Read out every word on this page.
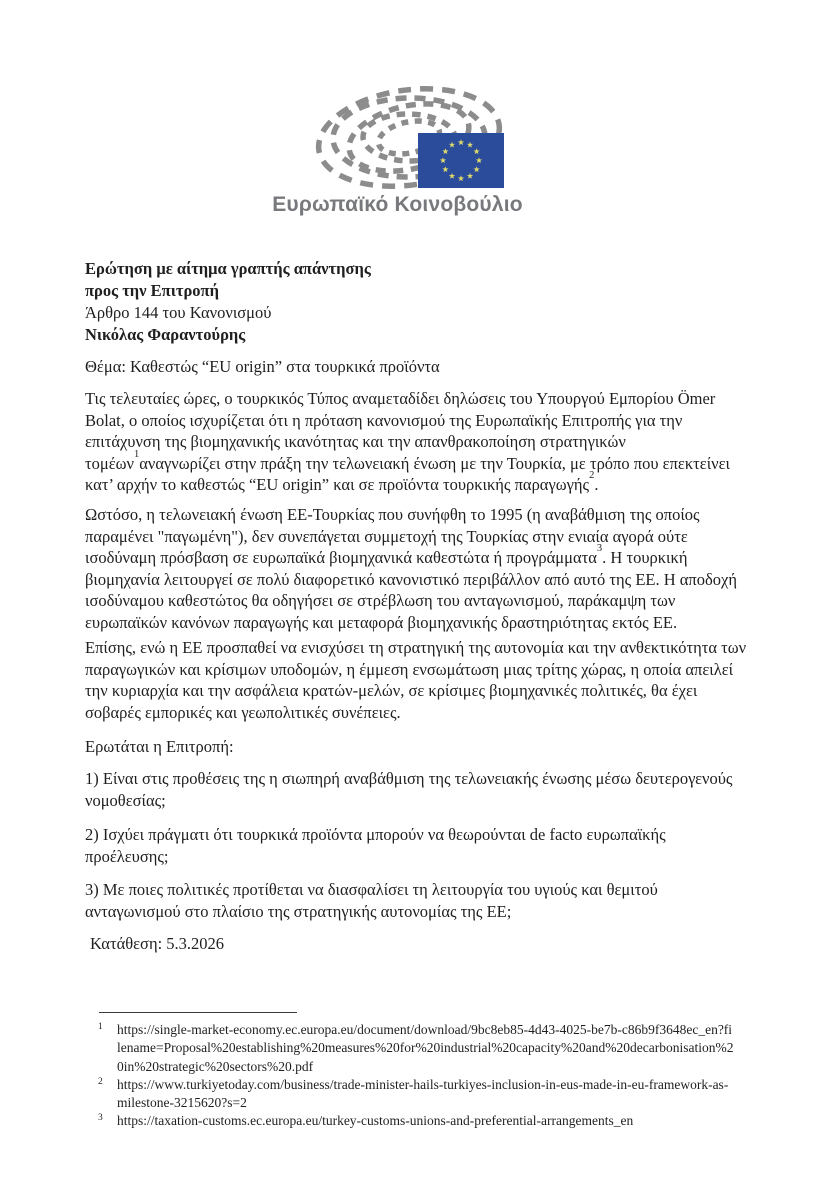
Ευρωπαϊκό Κοινοβούλιο
Ερώτηση με αίτημα γραπτής απάντησης
προς την Επιτροπή
Άρθρο 144 του Κανονισμού
Νικόλας Φαραντούρης
Θέμα: Καθεστώς “EU origin” στα τουρκικά προϊόντα

Τις τελευταίες ώρες, ο τουρκικός Τύπος αναμεταδίδει δηλώσεις του Υπουργού Εμπορίου Ömer Bolat, ο οποίος ισχυρίζεται ότι η πρόταση κανονισμού της Ευρωπαϊκής Επιτροπής για την επιτάχυνση της βιομηχανικής ικανότητας και την απανθρακοποίηση στρατηγικών τομέων$^1$αναγνωρίζει στην πράξη την τελωνειακή ένωση με την Τουρκία, με τρόπο που επεκτείνει κατ’ αρχήν το καθεστώς “EU origin” και σε προϊόντα τουρκικής παραγωγής$^2$.

Ωστόσο, η τελωνειακή ένωση ΕΕ-Τουρκίας που συνήφθη το 1995 (η αναβάθμιση της οποίος παραμένει "παγωμένη"), δεν συνεπάγεται συμμετοχή της Τουρκίας στην ενιαία αγορά ούτε ισοδύναμη πρόσβαση σε ευρωπαϊκά βιομηχανικά καθεστώτα ή προγράμματα$^3$. Η τουρκική βιομηχανία λειτουργεί σε πολύ διαφορετικό κανονιστικό περιβάλλον από αυτό της ΕΕ. Η αποδοχή ισοδύναμου καθεστώτος θα οδηγήσει σε στρέβλωση του ανταγωνισμού, παράκαμψη των ευρωπαϊκών κανόνων παραγωγής και μεταφορά βιομηχανικής δραστηριότητας εκτός ΕΕ.

Επίσης, ενώ η ΕΕ προσπαθεί να ενισχύσει τη στρατηγική της αυτονομία και την ανθεκτικότητα των παραγωγικών και κρίσιμων υποδομών, η έμμεση ενσωμάτωση μιας τρίτης χώρας, η οποία απειλεί την κυριαρχία και την ασφάλεια κρατών-μελών, σε κρίσιμες βιομηχανικές πολιτικές, θα έχει σοβαρές εμπορικές και γεωπολιτικές συνέπειες.

Ερωτάται η Επιτροπή:

1) Είναι στις προθέσεις της η σιωπηρή αναβάθμιση της τελωνειακής ένωσης μέσω δευτερογενούς νομοθεσίας;

2) Ισχύει πράγματι ότι τουρκικά προϊόντα μπορούν να θεωρούνται de facto ευρωπαϊκής προέλευσης;

3) Με ποιες πολιτικές προτίθεται να διασφαλίσει τη λειτουργία του υγιούς και θεμιτού ανταγωνισμού στο πλαίσιο της στρατηγικής αυτονομίας της ΕΕ;

Κατάθεση: 5.3.2026
1	https://single-market-economy.ec.europa.eu/document/download/9bc8eb85-4d43-4025-be7b-c86b9f3648ec_en?filename=Proposal%20establishing%20measures%20for%20industrial%20capacity%20and%20decarbonisation%20in%20strategic%20sectors%20.pdf
2	https://www.turkiyetoday.com/business/trade-minister-hails-turkiyes-inclusion-in-eus-made-in-eu-framework-as-milestone-3215620?s=2
3	https://taxation-customs.ec.europa.eu/turkey-customs-unions-and-preferential-arrangements_en
